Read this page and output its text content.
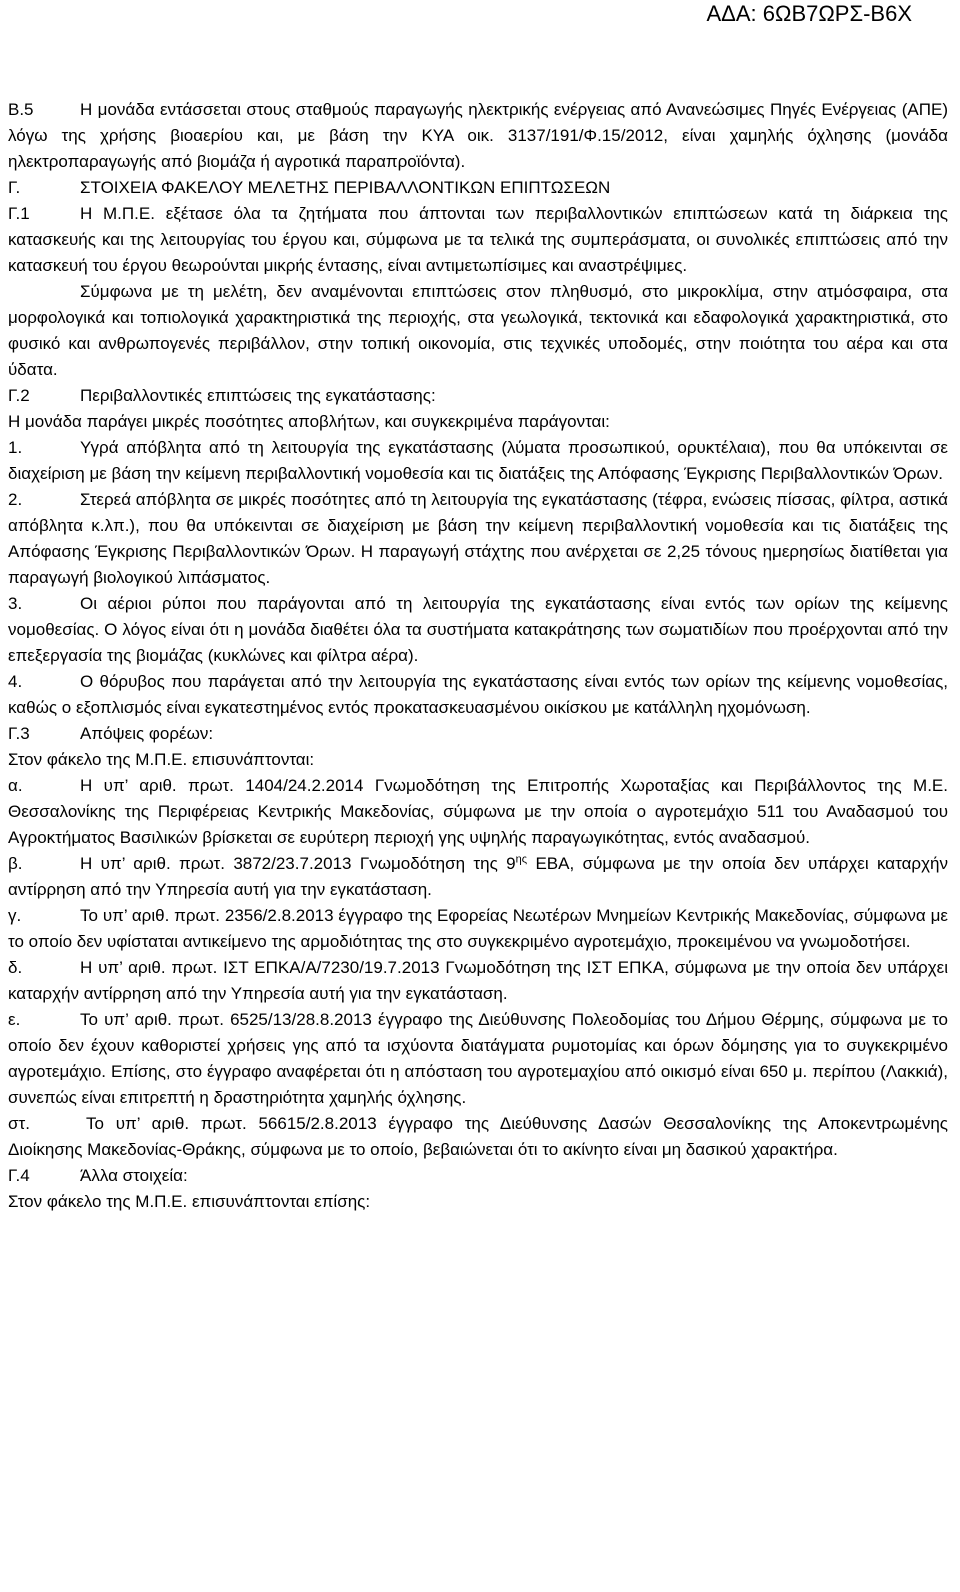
ΑΔΑ: 6ΩΒ7ΩΡΣ-Β6Χ

Β.5	Η μονάδα εντάσσεται στους σταθμούς παραγωγής ηλεκτρικής ενέργειας από Ανανεώσιμες Πηγές Ενέργειας (ΑΠΕ) λόγω της χρήσης βιοαερίου και, με βάση την ΚΥΑ οικ. 3137/191/Φ.15/2012, είναι χαμηλής όχλησης (μονάδα ηλεκτροπαραγωγής από βιομάζα ή αγροτικά παραπροϊόντα).

Γ.	ΣΤΟΙΧΕΙΑ ΦΑΚΕΛΟΥ ΜΕΛΕΤΗΣ ΠΕΡΙΒΑΛΛΟΝΤΙΚΩΝ ΕΠΙΠΤΩΣΕΩΝ

Γ.1	Η Μ.Π.Ε. εξέτασε όλα τα ζητήματα που άπτονται των περιβαλλοντικών επιπτώσεων κατά τη διάρκεια της κατασκευής και της λειτουργίας του έργου και, σύμφωνα με τα τελικά της συμπεράσματα, οι συνολικές επιπτώσεις από την κατασκευή του έργου θεωρούνται μικρής έντασης, είναι αντιμετωπίσιμες και αναστρέψιμες.

Σύμφωνα με τη μελέτη, δεν αναμένονται επιπτώσεις στον πληθυσμό, στο μικροκλίμα, στην ατμόσφαιρα, στα μορφολογικά και τοπιολογικά χαρακτηριστικά της περιοχής, στα γεωλογικά, τεκτονικά και εδαφολογικά χαρακτηριστικά, στο φυσικό και ανθρωπογενές περιβάλλον, στην τοπική οικονομία, στις τεχνικές υποδομές, στην ποιότητα του αέρα και στα ύδατα.

Γ.2	Περιβαλλοντικές επιπτώσεις της εγκατάστασης:

Η μονάδα παράγει μικρές ποσότητες αποβλήτων, και συγκεκριμένα παράγονται:

1.	Υγρά απόβλητα από τη λειτουργία της εγκατάστασης (λύματα προσωπικού, ορυκτέλαια), που θα υπόκεινται σε διαχείριση με βάση την κείμενη περιβαλλοντική νομοθεσία και τις διατάξεις της Απόφασης Έγκρισης Περιβαλλοντικών Όρων.

2.	Στερεά απόβλητα σε μικρές ποσότητες από τη λειτουργία της εγκατάστασης (τέφρα, ενώσεις πίσσας, φίλτρα, αστικά απόβλητα κ.λπ.), που θα υπόκεινται σε διαχείριση με βάση την κείμενη περιβαλλοντική νομοθεσία και τις διατάξεις της Απόφασης Έγκρισης Περιβαλλοντικών Όρων. Η παραγωγή στάχτης που ανέρχεται σε 2,25 τόνους ημερησίως διατίθεται για παραγωγή βιολογικού λιπάσματος.

3.	Οι αέριοι ρύποι που παράγονται από τη λειτουργία της εγκατάστασης είναι εντός των ορίων της κείμενης νομοθεσίας. Ο λόγος είναι ότι η μονάδα διαθέτει όλα τα συστήματα κατακράτησης των σωματιδίων που προέρχονται από την επεξεργασία της βιομάζας (κυκλώνες και φίλτρα αέρα).

4.	Ο θόρυβος που παράγεται από την λειτουργία της εγκατάστασης είναι εντός των ορίων της κείμενης νομοθεσίας, καθώς ο εξοπλισμός είναι εγκατεστημένος εντός προκατασκευασμένου οικίσκου με κατάλληλη ηχομόνωση.

Γ.3	Απόψεις φορέων:

Στον φάκελο της Μ.Π.Ε. επισυνάπτονται:

α.	Η υπ’ αριθ. πρωτ. 1404/24.2.2014 Γνωμοδότηση της Επιτροπής Χωροταξίας και Περιβάλλοντος της Μ.Ε. Θεσσαλονίκης της Περιφέρειας Κεντρικής Μακεδονίας, σύμφωνα με την οποία ο αγροτεμάχιο 511 του Αναδασμού του Αγροκτήματος Βασιλικών βρίσκεται σε ευρύτερη περιοχή γης υψηλής παραγωγικότητας, εντός αναδασμού.

β.	Η υπ’ αριθ. πρωτ. 3872/23.7.2013 Γνωμοδότηση της $9^{\eta\varsigma}$ ΕΒΑ, σύμφωνα με την οποία δεν υπάρχει καταρχήν αντίρρηση από την Υπηρεσία αυτή για την εγκατάσταση.

γ.	Το υπ’ αριθ. πρωτ. 2356/2.8.2013 έγγραφο της Εφορείας Νεωτέρων Μνημείων Κεντρικής Μακεδονίας, σύμφωνα με το οποίο δεν υφίσταται αντικείμενο της αρμοδιότητας της στο συγκεκριμένο αγροτεμάχιο, προκειμένου να γνωμοδοτήσει.

δ.	Η υπ’ αριθ. πρωτ. ΙΣΤ ΕΠΚΑ/Α/7230/19.7.2013 Γνωμοδότηση της ΙΣΤ ΕΠΚΑ, σύμφωνα με την οποία δεν υπάρχει καταρχήν αντίρρηση από την Υπηρεσία αυτή για την εγκατάσταση.

ε.	Το υπ’ αριθ. πρωτ. 6525/13/28.8.2013 έγγραφο της Διεύθυνσης Πολεοδομίας του Δήμου Θέρμης, σύμφωνα με το οποίο δεν έχουν καθοριστεί χρήσεις γης από τα ισχύοντα διατάγματα ρυμοτομίας και όρων δόμησης για το συγκεκριμένο αγροτεμάχιο. Επίσης, στο έγγραφο αναφέρεται ότι η απόσταση του αγροτεμαχίου από οικισμό είναι 650 μ. περίπου (Λακκιά), συνεπώς είναι επιτρεπτή η δραστηριότητα χαμηλής όχλησης.

στ.	Το υπ’ αριθ. πρωτ. 56615/2.8.2013 έγγραφο της Διεύθυνσης Δασών Θεσσαλονίκης της Αποκεντρωμένης Διοίκησης Μακεδονίας-Θράκης, σύμφωνα με το οποίο, βεβαιώνεται ότι το ακίνητο είναι μη δασικού χαρακτήρα.

Γ.4	Άλλα στοιχεία:

Στον φάκελο της Μ.Π.Ε. επισυνάπτονται επίσης:
